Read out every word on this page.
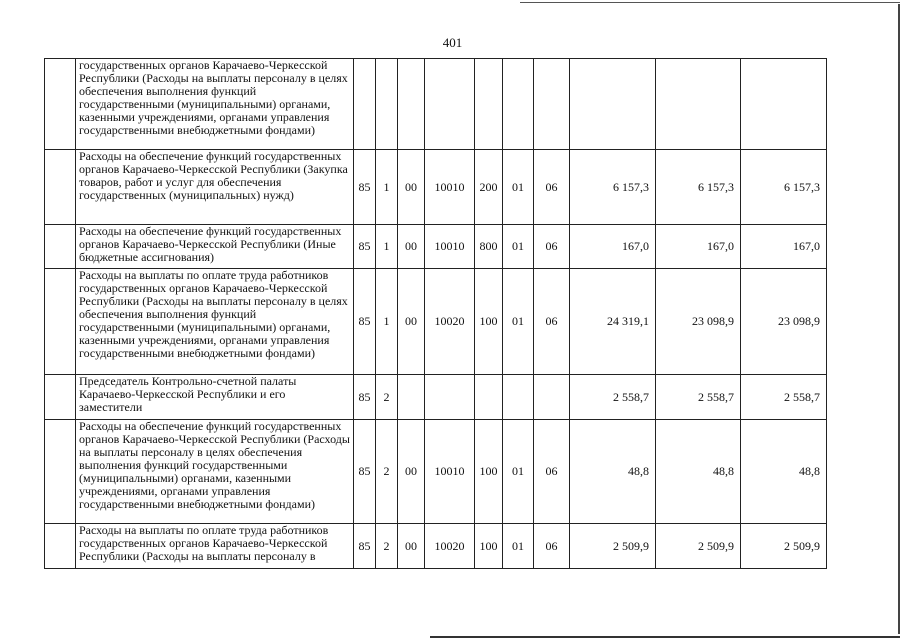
401
	государственных органов Карачаево-Черкесской Республики (Расходы на выплаты персоналу в целях обеспечения выполнения функций государственными (муниципальными) органами, казенными учреждениями, органами управления государственными внебюджетными фондами)										
	Расходы на обеспечение функций государственных органов Карачаево-Черкесской Республики (Закупка товаров, работ и услуг для обеспечения государственных (муниципальных) нужд)	85	1	00	10010	200	01	06	6 157,3	6 157,3	6 157,3
	Расходы на обеспечение функций государственных органов Карачаево-Черкесской Республики (Иные бюджетные ассигнования)	85	1	00	10010	800	01	06	167,0	167,0	167,0
	Расходы на выплаты по оплате труда работников государственных органов Карачаево-Черкесской Республики (Расходы на выплаты персоналу в целях обеспечения выполнения функций государственными (муниципальными) органами, казенными учреждениями, органами управления государственными внебюджетными фондами)	85	1	00	10020	100	01	06	24 319,1	23 098,9	23 098,9
	Председатель Контрольно-счетной палаты Карачаево-Черкесской Республики и его заместители	85	2						2 558,7	2 558,7	2 558,7
	Расходы на обеспечение функций государственных органов Карачаево-Черкесской Республики (Расходы на выплаты персоналу в целях обеспечения выполнения функций государственными (муниципальными) органами, казенными учреждениями, органами управления государственными внебюджетными фондами)	85	2	00	10010	100	01	06	48,8	48,8	48,8
	Расходы на выплаты по оплате труда работников государственных органов Карачаево-Черкесской Республики (Расходы на выплаты персоналу в	85	2	00	10020	100	01	06	2 509,9	2 509,9	2 509,9
